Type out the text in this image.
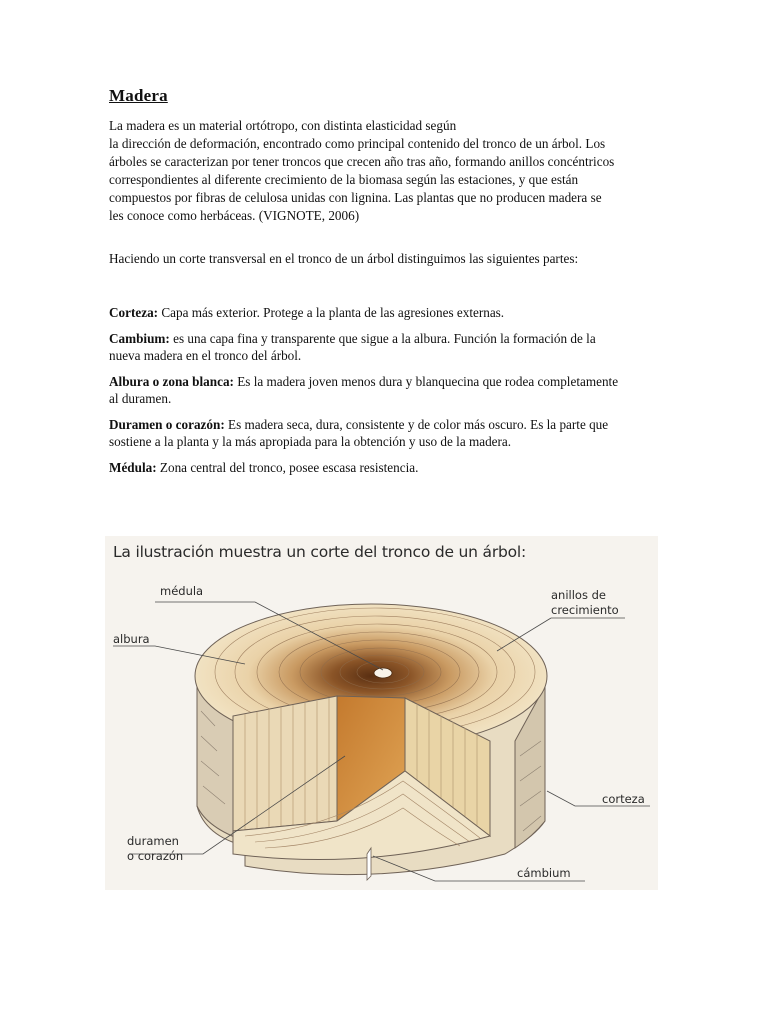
Madera
La madera es un material ortótropo, con distinta elasticidad según
la dirección de deformación, encontrado como principal contenido del tronco de un árbol. Los
árboles se caracterizan por tener troncos que crecen año tras año, formando anillos concéntricos
correspondientes al diferente crecimiento de la biomasa según las estaciones, y que están
compuestos por fibras de celulosa unidas con lignina. Las plantas que no producen madera se
les conoce como herbáceas. (VIGNOTE, 2006)
Haciendo un corte transversal en el tronco de un árbol distinguimos las siguientes partes:
Corteza: Capa más exterior. Protege a la planta de las agresiones externas.
Cambium: es una capa fina y transparente que sigue a la albura. Función la formación de la
nueva madera en el tronco del árbol.
Albura o zona blanca: Es la madera joven menos dura y blanquecina que rodea completamente
al duramen.
Duramen o corazón: Es madera seca, dura, consistente y de color más oscuro. Es la parte que
sostiene a la planta y la más apropiada para la obtención y uso de la madera.
Médula: Zona central del tronco, posee escasa resistencia.
La ilustración muestra un corte del tronco de un árbol:
médula
albura
anillos de
crecimiento
corteza
duramen
o corazón
cámbium
